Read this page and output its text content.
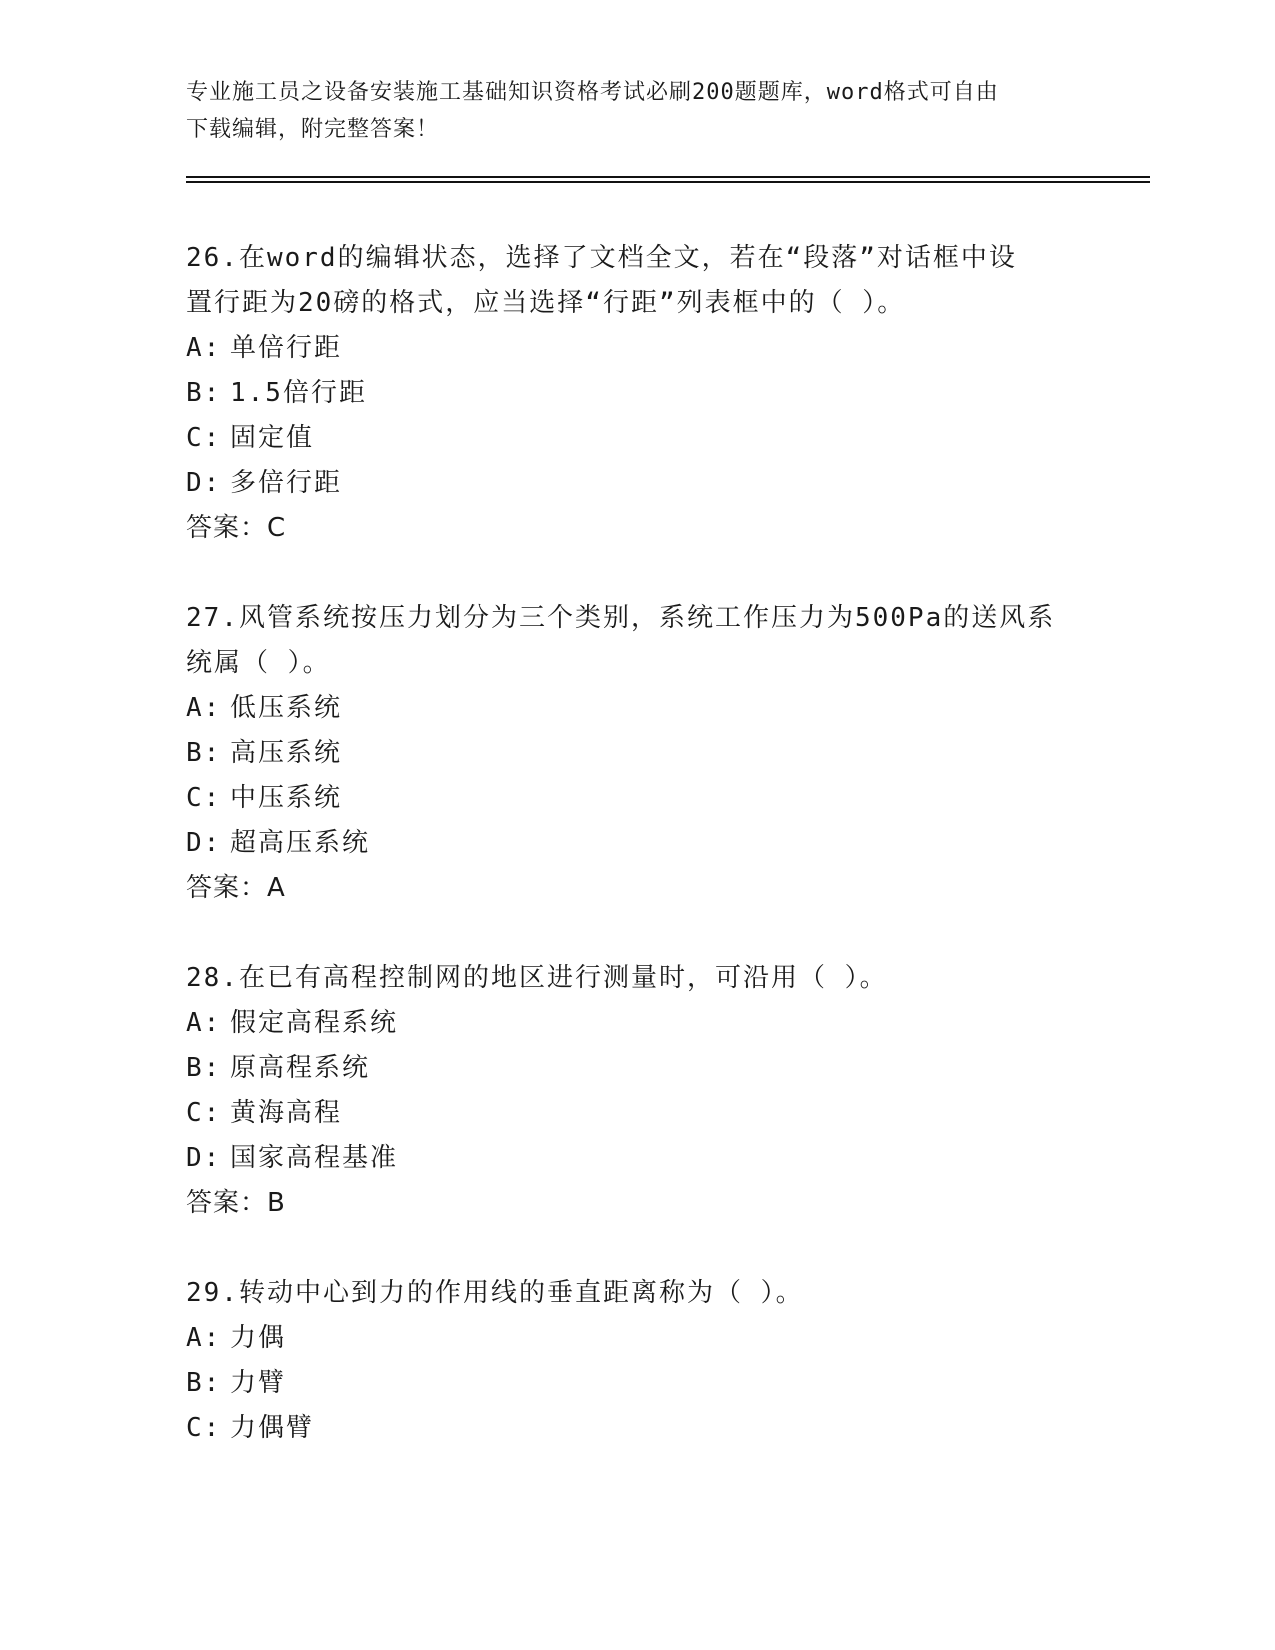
专业施工员之设备安装施工基础知识资格考试必刷200题题库，word格式可自由
下载编辑，附完整答案！
26.在word的编辑状态，选择了文档全文，若在“段落”对话框中设
置行距为20磅的格式，应当选择“行距”列表框中的（ ）。
A: 单倍行距
B: 1.5倍行距
C: 固定值
D: 多倍行距
答案：C
27.风管系统按压力划分为三个类别，系统工作压力为500Pa的送风系
统属（ ）。
A: 低压系统
B: 高压系统
C: 中压系统
D: 超高压系统
答案：A
28.在已有高程控制网的地区进行测量时，可沿用（ ）。
A: 假定高程系统
B: 原高程系统
C: 黄海高程
D: 国家高程基准
答案：B
29.转动中心到力的作用线的垂直距离称为（ ）。
A: 力偶
B: 力臂
C: 力偶臂
